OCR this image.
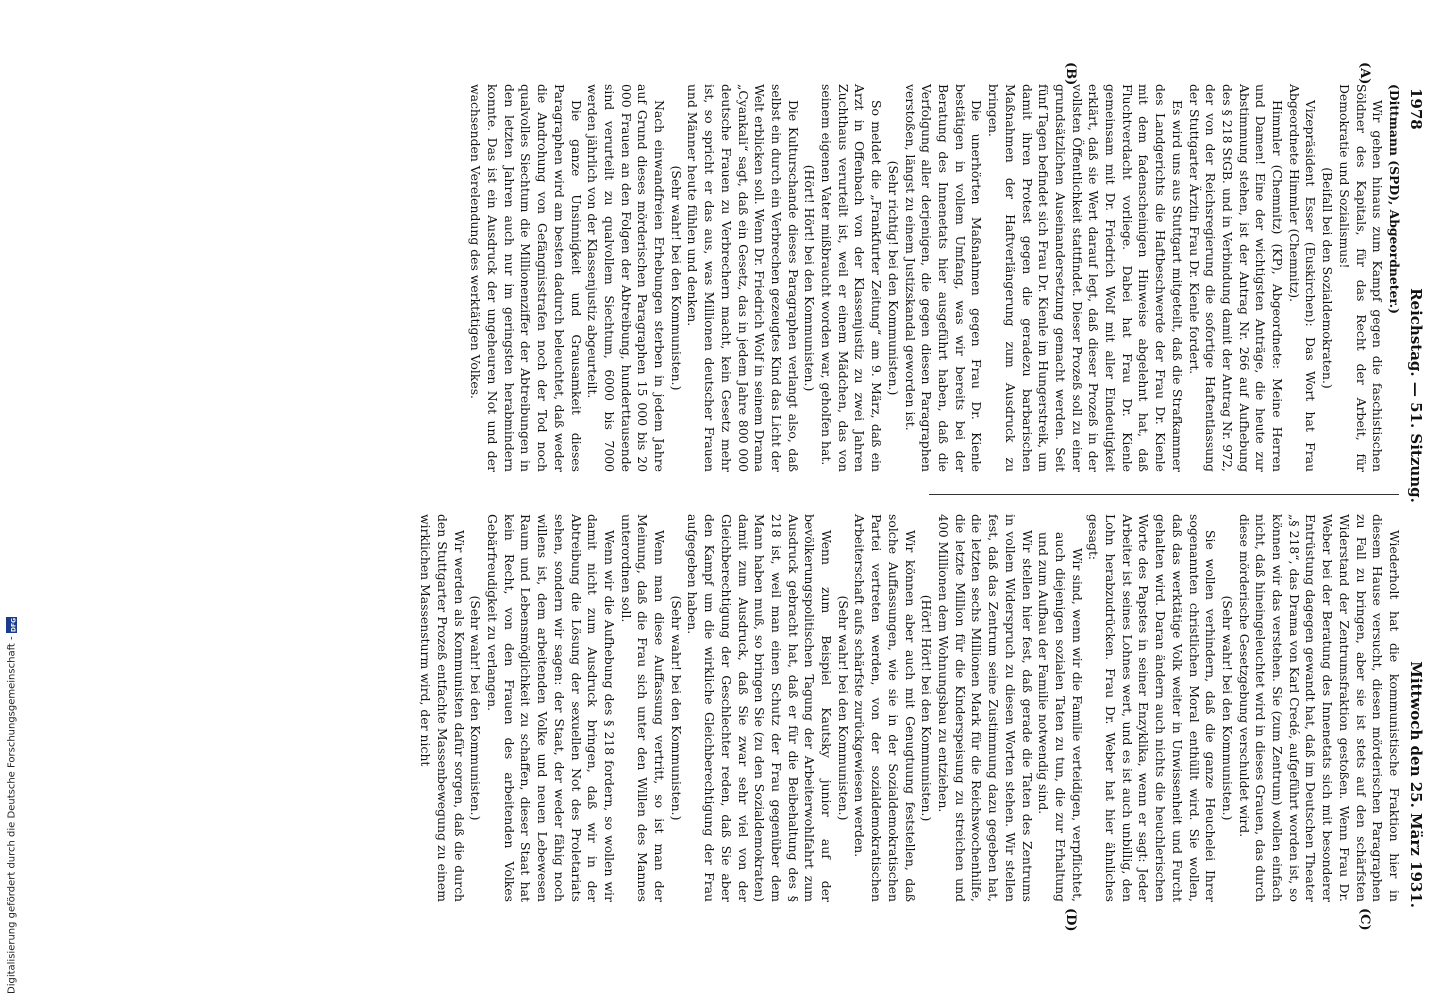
1978
Reichstag. — 51. Sitzung.
Mittwoch den 25. März 1931.
(A)
(B)
(C)
(D)

(Dittmann (SPD), Abgeordneter.)

Wir gehen hinaus zum Kampf gegen die faschistischen Söldner des Kapitals, für das Recht der Arbeit, für Demokratie und Sozialismus!

(Beifall bei den Sozialdemokraten.)

Vizepräsident Esser (Euskirchen): Das Wort hat Frau Abgeordnete Himmler (Chemnitz).

Himmler (Chemnitz) (KP), Abgeordnete: Meine Herren und Damen! Eine der wichtigsten Anträge, die heute zur Abstimmung stehen, ist der Antrag Nr. 266 auf Aufhebung des § 218 StGB. und in Verbindung damit der Antrag Nr. 972, der von der Reichsregierung die sofortige Haftentlassung der Stuttgarter Ärztin Frau Dr. Kienle fordert.

Es wird uns aus Stuttgart mitgeteilt, daß die Strafkammer des Landgerichts die Haftbeschwerde der Frau Dr. Kienle mit dem fadenscheinigen Hinweise abgelehnt hat, daß Fluchtverdacht vorliege. Dabei hat Frau Dr. Kienle gemeinsam mit Dr. Friedrich Wolf mit aller Eindeutigkeit erklärt, daß sie Wert darauf legt, daß dieser Prozeß in der vollsten Öffentlichkeit stattfindet. Dieser Prozeß soll zu einer grundsätzlichen Auseinandersetzung gemacht werden. Seit fünf Tagen befindet sich Frau Dr. Kienle im Hungerstreik, um damit ihren Protest gegen die geradezu barbarischen Maßnahmen der Haftverlängerung zum Ausdruck zu bringen.

Die unerhörten Maßnahmen gegen Frau Dr. Kienle bestätigen in vollem Umfang, was wir bereits bei der Beratung des Innenetats hier ausgeführt haben, daß die Verfolgung aller derjenigen, die gegen diesen Paragraphen verstoßen, längst zu einem Justizskandal geworden ist.

(Sehr richtig! bei den Kommunisten.)

So meldet die „Frankfurter Zeitung“ am 9. März, daß ein Arzt in Offenbach von der Klassenjustiz zu zwei Jahren Zuchthaus verurteilt ist, weil er einem Mädchen, das von seinem eigenen Vater mißbraucht worden war, geholfen hat.

(Hört! Hört! bei den Kommunisten.)

Die Kulturschande dieses Paragraphen verlangt also, daß selbst ein durch ein Verbrechen gezeugtes Kind das Licht der Welt erblicken soll. Wenn Dr. Friedrich Wolf in seinem Drama „Cyankali“ sagt, daß ein Gesetz, das in jedem Jahre 800 000 deutsche Frauen zu Verbrechern macht, kein Gesetz mehr ist, so spricht er das aus, was Millionen deutscher Frauen und Männer heute fühlen und denken.

(Sehr wahr! bei den Kommunisten.)

Nach einwandfreien Erhebungen sterben in jedem Jahre auf Grund dieses mörderischen Paragraphen 15 000 bis 20 000 Frauen an den Folgen der Abtreibung, hunderttausende sind verurteilt zu qualvollem Siechtum, 6000 bis 7000 werden jährlich von der Klassenjustiz abgeurteilt.

Die ganze Unsinnigkeit und Grausamkeit dieses Paragraphen wird am besten dadurch beleuchtet, daß weder die Androhung von Gefängnisstrafen noch der Tod noch qualvolles Siechtum die Millionenziffer der Abtreibungen in den letzten Jahren auch nur im geringsten herabmindern konnte. Das ist ein Ausdruck der ungeheuren Not und der wachsenden Verelendung des werktätigen Volkes.

Wiederholt hat die kommunistische Fraktion hier in diesem Hause versucht, diesen mörderischen Paragraphen zu Fall zu bringen, aber sie ist stets auf den schärfsten Widerstand der Zentrumsfraktion gestoßen. Wenn Frau Dr. Weber bei der Beratung des Innenetats sich mit besonderer Entrüstung dagegen gewandt hat, daß im Deutschen Theater „§ 218“, das Drama von Karl Credé, aufgeführt worden ist, so können wir das verstehen. Sie (zum Zentrum) wollen einfach nicht, daß hineingeleuchtet wird in dieses Grauen, das durch diese mörderische Gesetzgebung verschuldet wird.

(Sehr wahr! bei den Kommunisten.)

Sie wollen verhindern, daß die ganze Heuchelei Ihrer sogenannten christlichen Moral enthüllt wird. Sie wollen, daß das werktätige Volk weiter in Unwissenheit und Furcht gehalten wird. Daran ändern auch nichts die heuchlerischen Worte des Papstes in seiner Enzyklika, wenn er sagt: Jeder Arbeiter ist seines Lohnes wert, und es ist auch unbillig, den Lohn herabzudrücken. Frau Dr. Weber hat hier ähnliches gesagt:

Wir sind, wenn wir die Familie verteidigen, verpflichtet, auch diejenigen sozialen Taten zu tun, die zur Erhaltung und zum Aufbau der Familie notwendig sind.

Wir stellen hier fest, daß gerade die Taten des Zentrums in vollem Widerspruch zu diesen Worten stehen. Wir stellen fest, daß das Zentrum seine Zustimmung dazu gegeben hat, die letzten sechs Millionen Mark für die Reichswochenhilfe, die letzte Million für die Kinderspeisung zu streichen und 400 Millionen dem Wohnungsbau zu entziehen.

(Hört! Hört! bei den Kommunisten.)

Wir können aber auch mit Genugtuung feststellen, daß solche Auffassungen, wie sie in der Sozialdemokratischen Partei vertreten werden, von der sozialdemokratischen Arbeiterschaft aufs schärfste zurückgewiesen werden.

(Sehr wahr! bei den Kommunisten.)

Wenn zum Beispiel Kautsky junior auf der bevölkerungspolitischen Tagung der Arbeiterwohlfahrt zum Ausdruck gebracht hat, daß er für die Beibehaltung des § 218 ist, weil man einen Schutz der Frau gegenüber dem Mann haben muß, so bringen Sie (zu den Sozialdemokraten) damit zum Ausdruck, daß Sie zwar sehr viel von der Gleichberechtigung der Geschlechter reden, daß Sie aber den Kampf um die wirkliche Gleichberechtigung der Frau aufgegeben haben.

(Sehr wahr! bei den Kommunisten.)

Wenn man diese Auffassung vertritt, so ist man der Meinung, daß die Frau sich unter den Willen des Mannes unterordnen soll.

Wenn wir die Aufhebung des § 218 fordern, so wollen wir damit nicht zum Ausdruck bringen, daß wir in der Abtreibung die Lösung der sexuellen Not des Proletariats sehen, sondern wir sagen: der Staat, der weder fähig noch willens ist, dem arbeitenden Volke und neuen Lebewesen Raum und Lebensmöglichkeit zu schaffen, dieser Staat hat kein Recht, von den Frauen des arbeitenden Volkes Gebärfreudigkeit zu verlangen.

(Sehr wahr! bei den Kommunisten.)

Wir werden als Kommunisten dafür sorgen, daß die durch den Stuttgarter Prozeß entfachte Massenbewegung zu einem wirklichen Massensturm wird, der nicht

Digitalisierung gefördert durch die Deutsche Forschungsgemeinschaft -
DFG
